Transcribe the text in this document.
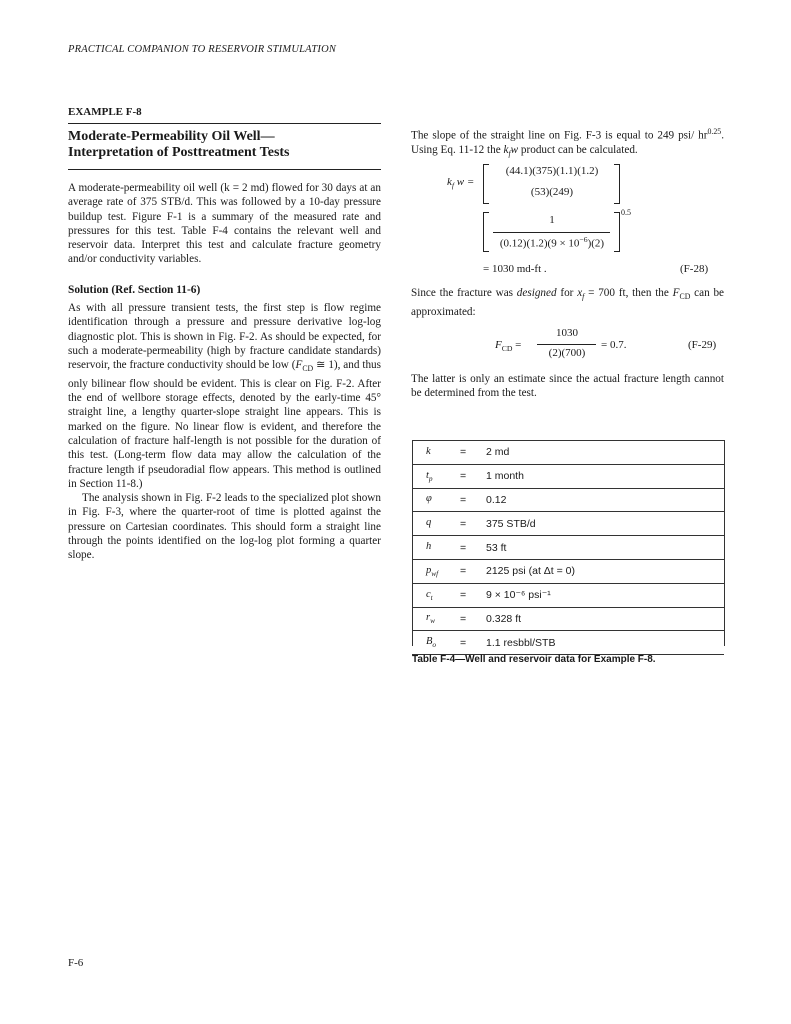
PRACTICAL COMPANION TO RESERVOIR STIMULATION
EXAMPLE F-8
Moderate-Permeability Oil Well—
Interpretation of Posttreatment Tests

A moderate-permeability oil well (k = 2 md) flowed for 30 days at an average rate of 375 STB/d. This was followed by a 10-day pressure buildup test. Figure F-1 is a summary of the measured rate and pressures for this test. Table F-4 contains the relevant well and reservoir data. Interpret this test and calculate fracture geometry and/or conductivity variables.

Solution (Ref. Section 11-6)

As with all pressure transient tests, the first step is flow regime identification through a pressure and pressure derivative log-log diagnostic plot. This is shown in Fig. F-2. As should be expected, for such a moderate-permeability (high by fracture candidate standards) reservoir, the fracture conductivity should be low ($F_{CD}$ ≅ 1), and thus only bilinear flow should be evident. This is clear on Fig. F-2. After the end of wellbore storage effects, denoted by the early-time 45° straight line, a lengthy quarter-slope straight line appears. This is marked on the figure. No linear flow is evident, and therefore the calculation of fracture half-length is not possible for the duration of this test. (Long-term flow data may allow the calculation of the fracture length if pseudoradial flow appears. This method is outlined in Section 11-8.)

The analysis shown in Fig. F-2 leads to the specialized plot shown in Fig. F-3, where the quarter-root of time is plotted against the pressure on Cartesian coordinates. This should form a straight line through the points identified on the log-log plot forming a quarter slope.

The slope of the straight line on Fig. F-3 is equal to 249 psi/ $hr^{0.25}$. Using Eq. 11-12 the $k_fw$ product can be calculated.

$k_f$ w =
(44.1)(375)(1.1)(1.2)
(53)(249)
1
$(0.12)(1.2)(9 \times 10^{-6})(2)$
0.5
= 1030 md-ft .	(F-28)

Since the fracture was designed for $x_f = 700$ ft, then the $F_{CD}$ can be approximated:

$F_{CD}$ =
1030
(2)(700)
= 0.7.	(F-29)

The latter is only an estimate since the actual fracture length cannot be determined from the test.

k	=	2 md
$t_p$	=	1 month
φ	=	0.12
q	=	375 STB/d
h	=	53 ft
$p_{wf}$	=	2125 psi (at Δt = 0)
$c_t$	=	9 × 10⁻⁶ psi⁻¹
$r_w$	=	0.328 ft
$B_o$	=	1.1 resbbl/STB
Table F-4—Well and reservoir data for Example F-8.
F-6
